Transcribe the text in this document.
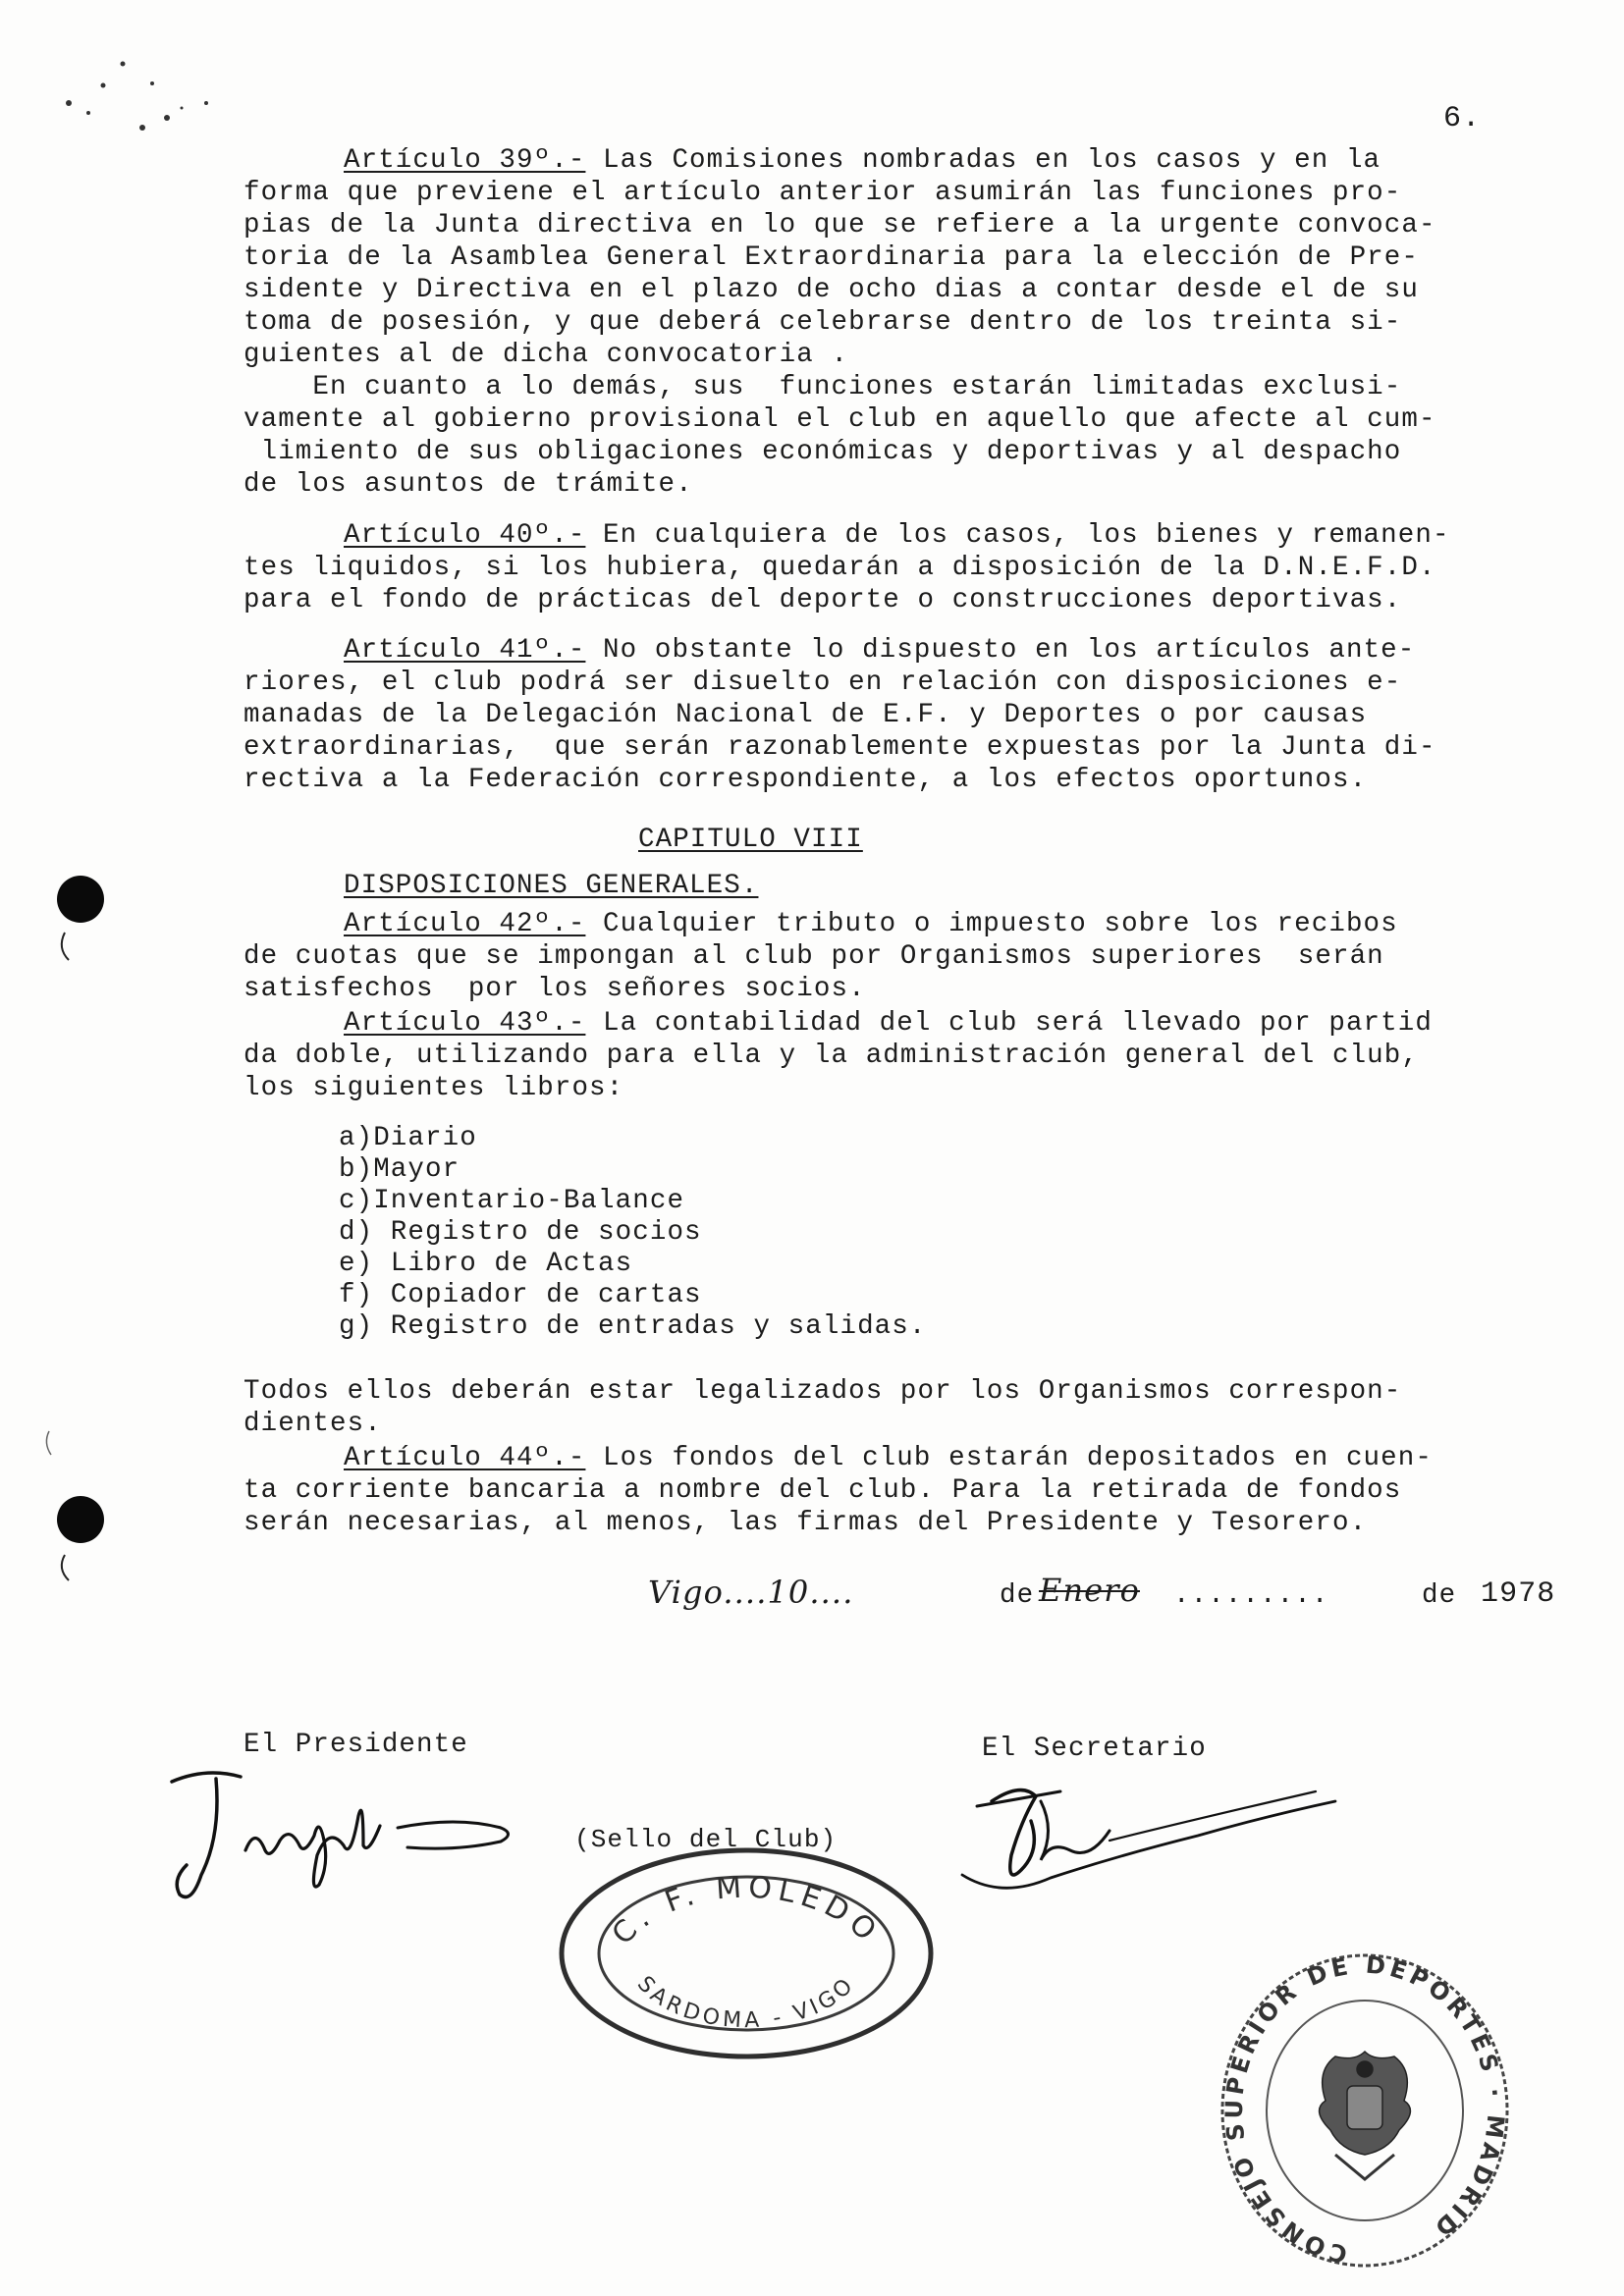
6.
Artículo 39º.- Las Comisiones nombradas en los casos y en la
forma que previene el artículo anterior asumirán las funciones pro-
pias de la Junta directiva en lo que se refiere a la urgente convoca-
toria de la Asamblea General Extraordinaria para la elección de Pre-
sidente y Directiva en el plazo de ocho dias a contar desde el de su
toma de posesión, y que deberá celebrarse dentro de los treinta si-
guientes al de dicha convocatoria .
En cuanto a lo demás, sus  funciones estarán limitadas exclusi-
vamente al gobierno provisional el club en aquello que afecte al cum-
limiento de sus obligaciones económicas y deportivas y al despacho
de los asuntos de trámite.
Artículo 40º.- En cualquiera de los casos, los bienes y remanen-
tes liquidos, si los hubiera, quedarán a disposición de la D.N.E.F.D.
para el fondo de prácticas del deporte o construcciones deportivas.
Artículo 41º.- No obstante lo dispuesto en los artículos ante-
riores, el club podrá ser disuelto en relación con disposiciones e-
manadas de la Delegación Nacional de E.F. y Deportes o por causas
extraordinarias,  que serán razonablemente expuestas por la Junta di-
rectiva a la Federación correspondiente, a los efectos oportunos.
CAPITULO VIII
DISPOSICIONES GENERALES.
Artículo 42º.- Cualquier tributo o impuesto sobre los recibos
de cuotas que se impongan al club por Organismos superiores  serán
satisfechos  por los señores socios.
Artículo 43º.- La contabilidad del club será llevado por partid
da doble, utilizando para ella y la administración general del club,
los siguientes libros:
a)Diario
b)Mayor
c)Inventario-Balance
d) Registro de socios
e) Libro de Actas
f) Copiador de cartas
g) Registro de entradas y salidas.
Todos ellos deberán estar legalizados por los Organismos correspon-
dientes.
Artículo 44º.- Los fondos del club estarán depositados en cuen-
ta corriente bancaria a nombre del club. Para la retirada de fondos
serán necesarias, al menos, las firmas del Presidente y Tesorero.
Vigo....10....	de Enero .........	de 1978
El Presidente	El Secretario
(Sello del Club)
C. F. MOLEDO
SARDOMA - VIGO
CONSEJO SUPERIOR DE DEPORTES · MADRID
